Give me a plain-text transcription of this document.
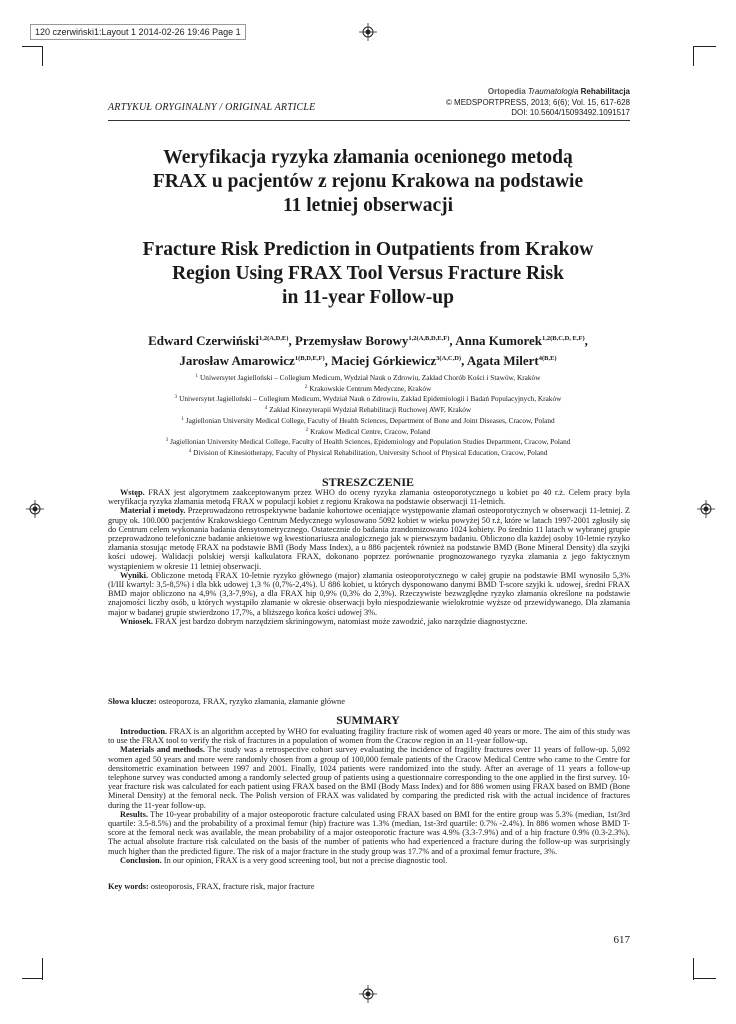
120 czerwiński1:Layout 1 2014-02-26 19:46 Page 1
ARTYKUŁ ORYGINALNY / ORIGINAL ARTICLE
Ortopedia Traumatologia Rehabilitacja
© MEDSPORTPRESS, 2013; 6(6); Vol. 15, 617-628
DOI: 10.5604/15093492.1091517
Weryfikacja ryzyka złamania ocenionego metodą
FRAX u pacjentów z rejonu Krakowa na podstawie
11 letniej obserwacji
Fracture Risk Prediction in Outpatients from Krakow
Region Using FRAX Tool Versus Fracture Risk
in 11-year Follow-up
Edward Czerwiński$^{1,2(A,D,E)}$, Przemysław Borowy$^{1,2(A,B,D,E,F)}$, Anna Kumorek$^{1,2(B,C,D, E,F)}$,
Jarosław Amarowicz$^{1(B,D,E,F)}$, Maciej Górkiewicz$^{3(A,C,D)}$, Agata Milert$^{4(B,E)}$
$^1$ Uniwersytet Jagielloński – Collegium Medicum, Wydział Nauk o Zdrowiu, Zakład Chorób Kości i Stawów, Kraków
$^2$ Krakowskie Centrum Medyczne, Kraków
$^3$ Uniwersytet Jagielloński – Collegium Medicum, Wydział Nauk o Zdrowiu, Zakład Epidemiologii i Badań Populacyjnych, Kraków
$^4$ Zakład Kinezyterapii Wydział Rehabilitacji Ruchowej AWF, Kraków
$^1$ Jagiellonian University Medical College, Faculty of Health Sciences, Department of Bone and Joint Diseases, Cracow, Poland
$^2$ Krakow Medical Centre, Cracow, Poland
$^3$ Jagiellonian University Medical College, Faculty of Health Sciences, Epidemiology and Population Studies Department, Cracow, Poland
$^4$ Division of Kinesiotherapy, Faculty of Physical Rehabilitation, University School of Physical Education, Cracow, Poland
STRESZCZENIE

Wstęp. FRAX jest algorytmem zaakceptowanym przez WHO do oceny ryzyka złamania osteoporotycznego u kobiet po 40 r.ż. Celem pracy była weryfikacja ryzyka złamania metodą FRAX w populacji kobiet z regionu Krakowa na podstawie obserwacji 11-letnich.

Materiał i metody. Przeprowadzono retrospektywne badanie kohortowe oceniające występowanie złamań osteoporotycznych w obserwacji 11-letniej. Z grupy ok. 100.000 pacjentów Krakowskiego Centrum Medycznego wylosowano 5092 kobiet w wieku powyżej 50 r.ż, które w latach 1997-2001 zgłosiły się do Centrum celem wykonania badania densytometrycznego. Ostatecznie do badania zrandomizowano 1024 kobiety. Po średnio 11 latach w wybranej grupie przeprowadzono telefoniczne badanie ankietowe wg kwestionariusza analogicznego jak w pierwszym badaniu. Obliczono dla każdej osoby 10-letnie ryzyko złamania stosując metodę FRAX na podstawie BMI (Body Mass Index), a u 886 pacjentek również na podstawie BMD (Bone Mineral Density) dla szyjki kości udowej. Walidacji polskiej wersji kalkulatora FRAX, dokonano poprzez porównanie prognozowanego ryzyka złamania z jego faktycznym wystąpieniem w okresie 11 letniej obserwacji.

Wyniki. Obliczone metodą FRAX 10-letnie ryzyko głównego (major) złamania osteoporotycznego w całej grupie na podstawie BMI wynosiło 5,3% (I/III kwartyl: 3,5-8,5%) i dla bkk udowej 1,3 % (0,7%-2,4%). U 886 kobiet, u których dysponowano danymi BMD T-score szyjki k. udowej, średni FRAX BMD major obliczono na 4,9% (3,3-7,9%), a dla FRAX hip 0,9% (0,3% do 2,3%). Rzeczywiste bezwzględne ryzyko złamania określone na podstawie znajomości liczby osób, u których wystąpiło złamanie w okresie obserwacji było niespodziewanie wielokrotnie wyższe od przewidywanego. Dla złamania major w badanej grupie stwierdzono 17,7%, a bliższego końca kości udowej 3%.

Wniosek. FRAX jest bardzo dobrym narzędziem skriningowym, natomiast może zawodzić, jako narzędzie diagnostyczne.

Słowa klucze: osteoporoza, FRAX, ryzyko złamania, złamanie główne
SUMMARY

Introduction. FRAX is an algorithm accepted by WHO for evaluating fragility fracture risk of women aged 40 years or more. The aim of this study was to use the FRAX tool to verify the risk of fractures in a population of women from the Cracow region in an 11-year follow-up.

Materials and methods. The study was a retrospective cohort survey evaluating the incidence of fragility fractures over 11 years of follow-up. 5,092 women aged 50 years and more were randomly chosen from a group of 100,000 female patients of the Cracow Medical Centre who came to the Centre for densitometric examination between 1997 and 2001. Finally, 1024 patients were randomized into the study. After an average of 11 years a follow-up telephone survey was conducted among a randomly selected group of patients using a questionnaire corresponding to the one applied in the first survey. 10-year fracture risk was calculated for each patient using FRAX based on the BMI (Body Mass Index) and for 886 women using FRAX based on BMD (Bone Mineral Density) at the femoral neck. The Polish version of FRAX was validated by comparing the predicted risk with the actual incidence of fractures during the 11-year follow-up.

Results. The 10-year probability of a major osteoporotic fracture calculated using FRAX based on BMI for the entire group was 5.3% (median, 1st/3rd quartile: 3.5-8.5%) and the probability of a proximal femur (hip) fracture was 1.3% (median, 1st-3rd quartile: 0.7% -2.4%). In 886 women whose BMD T-score at the femoral neck was available, the mean probability of a major osteoporotic fracture was 4.9% (3.3-7.9%) and of a hip fracture 0.9% (0.3-2.3%). The actual absolute fracture risk calculated on the basis of the number of patients who had experienced a fracture during the follow-up was surprisingly much higher than the predicted figure. The risk of a major fracture in the study group was 17.7% and of a proximal femur fracture, 3%.

Conclusion. In our opinion, FRAX is a very good screening tool, but not a precise diagnostic tool.

Key words: osteoporosis, FRAX, fracture risk, major fracture
617
